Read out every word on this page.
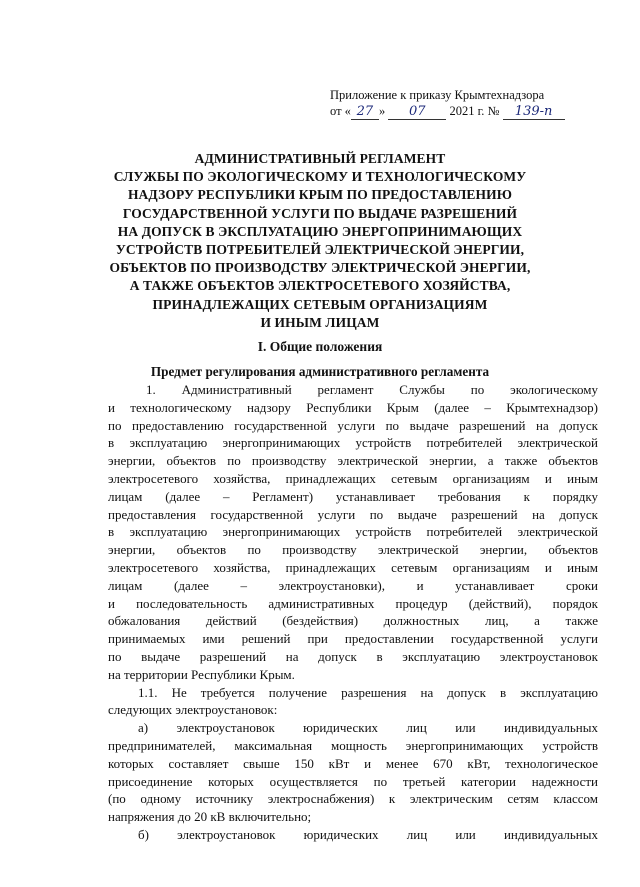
Приложение к приказу Крымтехнадзора
от « 27 » 07 2021 г. № 139-п
АДМИНИСТРАТИВНЫЙ РЕГЛАМЕНТ
СЛУЖБЫ ПО ЭКОЛОГИЧЕСКОМУ И ТЕХНОЛОГИЧЕСКОМУ
НАДЗОРУ РЕСПУБЛИКИ КРЫМ ПО ПРЕДОСТАВЛЕНИЮ
ГОСУДАРСТВЕННОЙ УСЛУГИ ПО ВЫДАЧЕ РАЗРЕШЕНИЙ
НА ДОПУСК В ЭКСПЛУАТАЦИЮ ЭНЕРГОПРИНИМАЮЩИХ
УСТРОЙСТВ ПОТРЕБИТЕЛЕЙ ЭЛЕКТРИЧЕСКОЙ ЭНЕРГИИ,
ОБЪЕКТОВ ПО ПРОИЗВОДСТВУ ЭЛЕКТРИЧЕСКОЙ ЭНЕРГИИ,
А ТАКЖЕ ОБЪЕКТОВ ЭЛЕКТРОСЕТЕВОГО ХОЗЯЙСТВА,
ПРИНАДЛЕЖАЩИХ СЕТЕВЫМ ОРГАНИЗАЦИЯМ
И ИНЫМ ЛИЦАМ
I. Общие положения
Предмет регулирования административного регламента
1. Административный регламент Службы по экологическому
и технологическому надзору Республики Крым (далее – Крымтехнадзор)
по предоставлению государственной услуги по выдаче разрешений на допуск
в эксплуатацию энергопринимающих устройств потребителей электрической
энергии, объектов по производству электрической энергии, а также объектов
электросетевого хозяйства, принадлежащих сетевым организациям и иным
лицам (далее – Регламент) устанавливает требования к порядку
предоставления государственной услуги по выдаче разрешений на допуск
в эксплуатацию энергопринимающих устройств потребителей электрической
энергии, объектов по производству электрической энергии, объектов
электросетевого хозяйства, принадлежащих сетевым организациям и иным
лицам (далее – электроустановки), и устанавливает сроки
и последовательность административных процедур (действий), порядок
обжалования действий (бездействия) должностных лиц, а также
принимаемых ими решений при предоставлении государственной услуги
по выдаче разрешений на допуск в эксплуатацию электроустановок
на территории Республики Крым.
1.1. Не требуется получение разрешения на допуск в эксплуатацию
следующих электроустановок:
а) электроустановок юридических лиц или индивидуальных
предпринимателей, максимальная мощность энергопринимающих устройств
которых составляет свыше 150 кВт и менее 670 кВт, технологическое
присоединение которых осуществляется по третьей категории надежности
(по одному источнику электроснабжения) к электрическим сетям классом
напряжения до 20 кВ включительно;
б) электроустановок юридических лиц или индивидуальных
